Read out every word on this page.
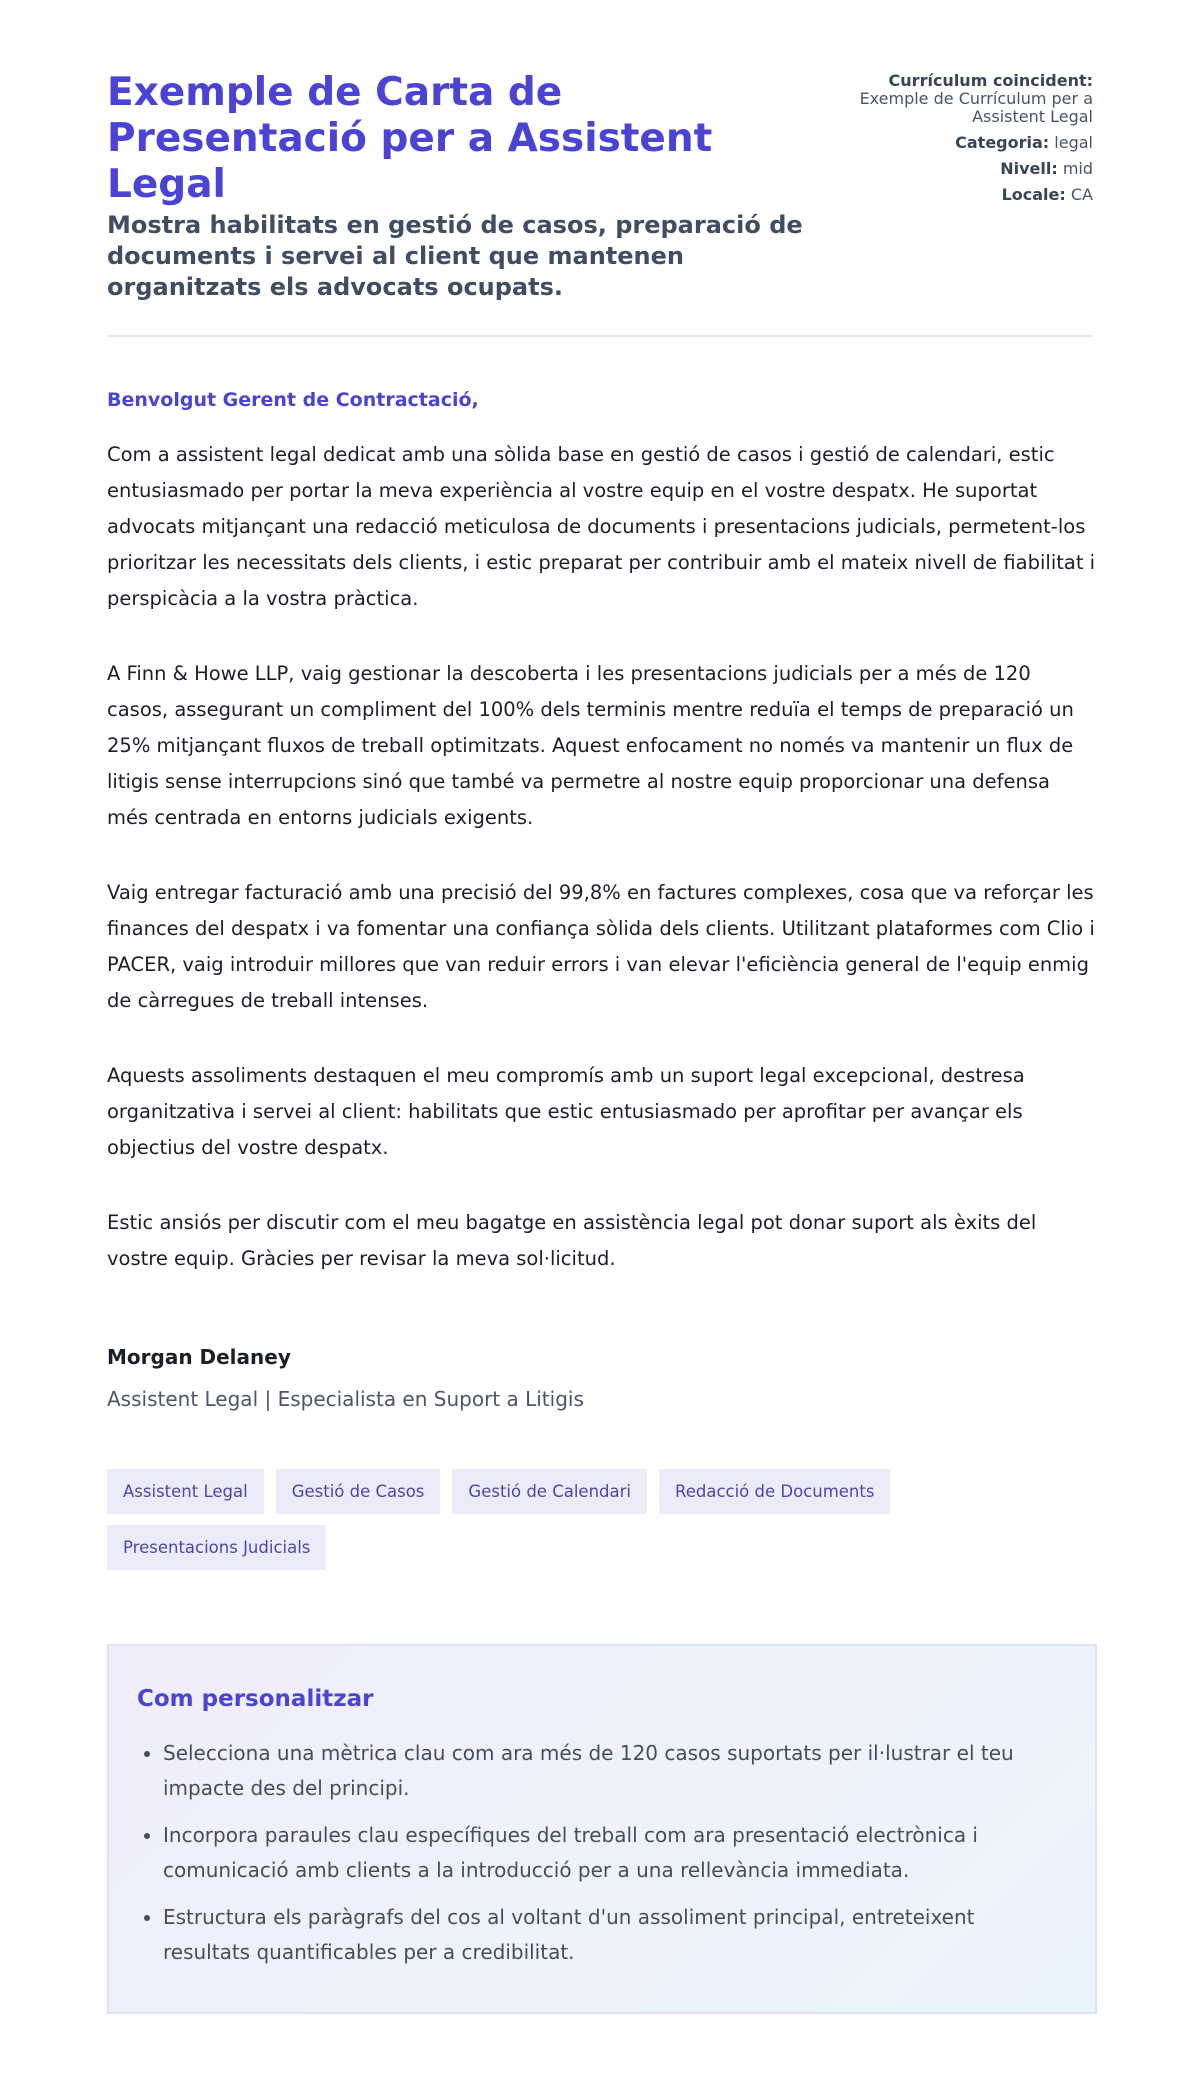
Exemple de Carta de Presentació per a Assistent Legal
Mostra habilitats en gestió de casos, preparació de documents i servei al client que mantenen organitzats els advocats ocupats.
Currículum coincident:
Exemple de Currículum per a Assistent Legal
Categoria: legal
Nivell: mid
Locale: CA
Benvolgut Gerent de Contractació,

Com a assistent legal dedicat amb una sòlida base en gestió de casos i gestió de calendari, estic entusiasmado per portar la meva experiència al vostre equip en el vostre despatx. He suportat advocats mitjançant una redacció meticulosa de documents i presentacions judicials, permetent-los prioritzar les necessitats dels clients, i estic preparat per contribuir amb el mateix nivell de fiabilitat i perspicàcia a la vostra pràctica.

A Finn & Howe LLP, vaig gestionar la descoberta i les presentacions judicials per a més de 120 casos, assegurant un compliment del 100% dels terminis mentre reduïa el temps de preparació un 25% mitjançant fluxos de treball optimitzats. Aquest enfocament no només va mantenir un flux de litigis sense interrupcions sinó que també va permetre al nostre equip proporcionar una defensa més centrada en entorns judicials exigents.

Vaig entregar facturació amb una precisió del 99,8% en factures complexes, cosa que va reforçar les finances del despatx i va fomentar una confiança sòlida dels clients. Utilitzant plataformes com Clio i PACER, vaig introduir millores que van reduir errors i van elevar l'eficiència general de l'equip enmig de càrregues de treball intenses.

Aquests assoliments destaquen el meu compromís amb un suport legal excepcional, destresa organitzativa i servei al client: habilitats que estic entusiasmado per aprofitar per avançar els objectius del vostre despatx.

Estic ansiós per discutir com el meu bagatge en assistència legal pot donar suport als èxits del vostre equip. Gràcies per revisar la meva sol·licitud.

Morgan Delaney
Assistent Legal | Especialista en Suport a Litigis
Assistent Legal	Gestió de Casos	Gestió de Calendari	Redacció de Documents
Presentacions Judicials
Com personalitzar
• Selecciona una mètrica clau com ara més de 120 casos suportats per il·lustrar el teu impacte des del principi.
• Incorpora paraules clau específiques del treball com ara presentació electrònica i comunicació amb clients a la introducció per a una rellevància immediata.
• Estructura els paràgrafs del cos al voltant d'un assoliment principal, entreteixent resultats quantificables per a credibilitat.
